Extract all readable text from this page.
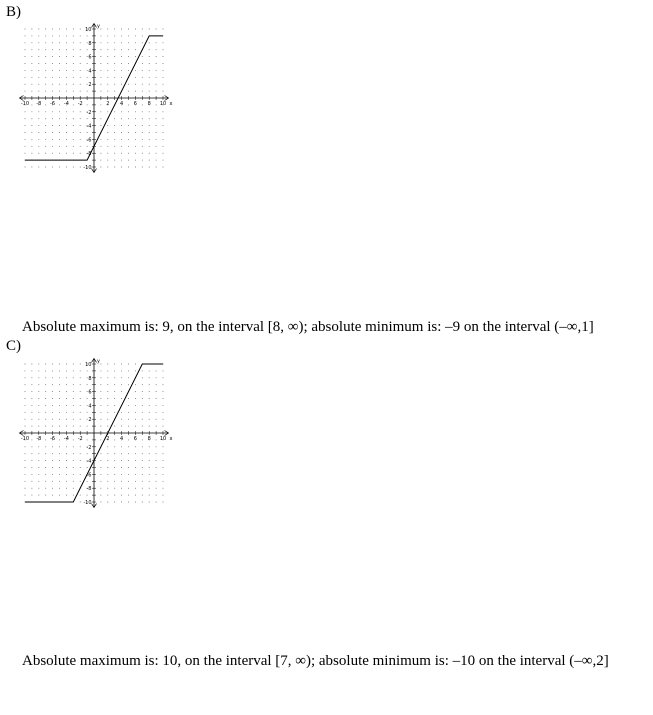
B)
-10 -8 -6 -4 -2	2 4 6 8 10
10
8
6
4
2
-2
-4
-6
-8
-10
x
y
Absolute maximum is: 9, on the interval [8, ∞); absolute minimum is: –9 on the interval (–∞,1]
C)
-10 -8 -6 -4 -2	2 4 6 8 10
10
8
6
4
2
-2
-4
-6
-8
-10
x
y
Absolute maximum is: 10, on the interval [7, ∞); absolute minimum is: –10 on the interval (–∞,2]
